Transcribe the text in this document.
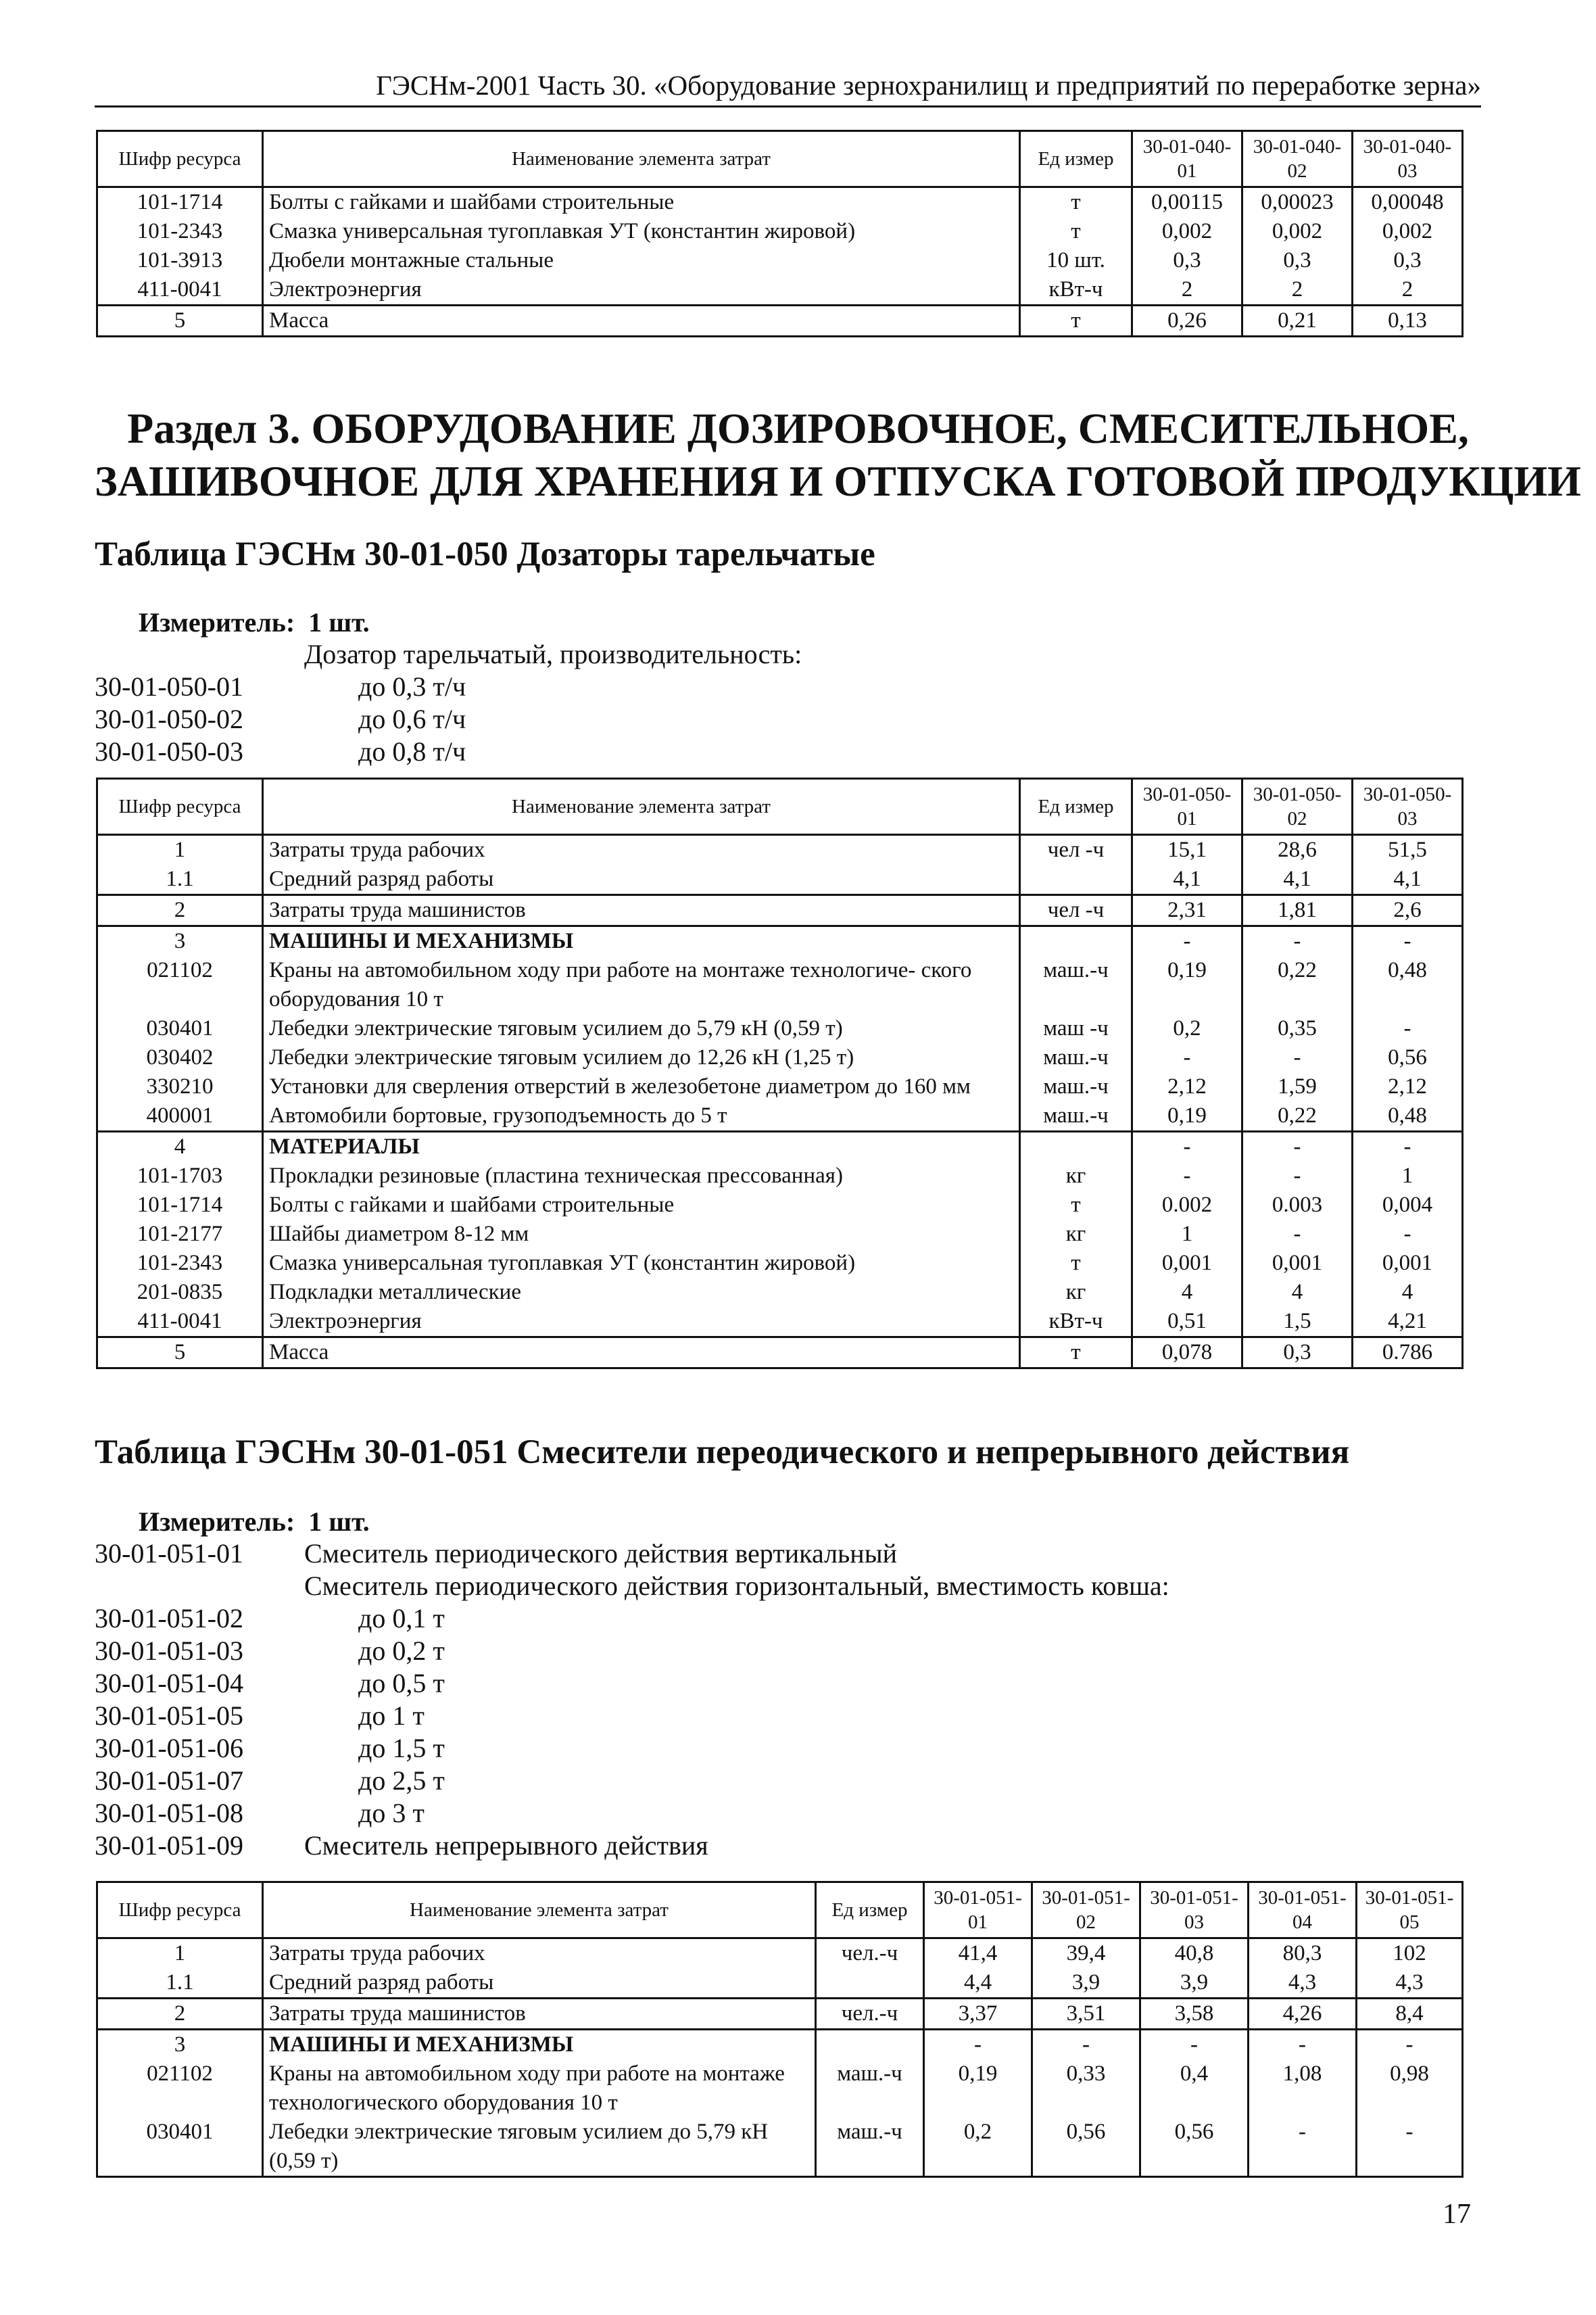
ГЭСНм-2001 Часть 30. «Оборудование зернохранилищ и предприятий по переработке зерна»
Шифр ресурса	Наименование элемента затрат	Ед измер	30-01-040-01	30-01-040-02	30-01-040-03
101-1714	Болты с гайками и шайбами строительные	т	0,00115	0,00023	0,00048
101-2343	Смазка универсальная тугоплавкая УТ (константин жировой)	т	0,002	0,002	0,002
101-3913	Дюбели монтажные стальные	10 шт.	0,3	0,3	0,3
411-0041	Электроэнергия	кВт-ч	2	2	2
5	Масса	т	0,26	0,21	0,13
Раздел 3. ОБОРУДОВАНИЕ ДОЗИРОВОЧНОЕ, СМЕСИТЕЛЬНОЕ,
ЗАШИВОЧНОЕ ДЛЯ ХРАНЕНИЯ И ОТПУСКА ГОТОВОЙ ПРОДУКЦИИ
Таблица ГЭСНм 30-01-050 Дозаторы тарельчатые
Измеритель: 1 шт.
Дозатор тарельчатый, производительность:
30-01-050-01	до 0,3 т/ч
30-01-050-02	до 0,6 т/ч
30-01-050-03	до 0,8 т/ч
Шифр ресурса	Наименование элемента затрат	Ед измер	30-01-050-01	30-01-050-02	30-01-050-03
1	Затраты труда рабочих	чел -ч	15,1	28,6	51,5
1.1	Средний разряд работы		4,1	4,1	4,1
2	Затраты труда машинистов	чел -ч	2,31	1,81	2,6
3	МАШИНЫ И МЕХАНИЗМЫ		-	-	-
021102	Краны на автомобильном ходу при работе на монтаже технологиче- ского оборудования 10 т	маш.-ч	0,19	0,22	0,48
030401	Лебедки электрические тяговым усилием до 5,79 кН (0,59 т)	маш -ч	0,2	0,35	-
030402	Лебедки электрические тяговым усилием до 12,26 кН (1,25 т)	маш.-ч	-	-	0,56
330210	Установки для сверления отверстий в железобетоне диаметром до 160 мм	маш.-ч	2,12	1,59	2,12
400001	Автомобили бортовые, грузоподъемность до 5 т	маш.-ч	0,19	0,22	0,48
4	МАТЕРИАЛЫ		-	-	-
101-1703	Прокладки резиновые (пластина техническая прессованная)	кг	-	-	1
101-1714	Болты с гайками и шайбами строительные	т	0.002	0.003	0,004
101-2177	Шайбы диаметром 8-12 мм	кг	1	-	-
101-2343	Смазка универсальная тугоплавкая УТ (константин жировой)	т	0,001	0,001	0,001
201-0835	Подкладки металлические	кг	4	4	4
411-0041	Электроэнергия	кВт-ч	0,51	1,5	4,21
5	Масса	т	0,078	0,3	0.786
Таблица ГЭСНм 30-01-051 Смесители переодического и непрерывного действия
Измеритель: 1 шт.
30-01-051-01 Смеситель периодического действия вертикальный
Смеситель периодического действия горизонтальный, вместимость ковша:
30-01-051-02	до 0,1 т
30-01-051-03	до 0,2 т
30-01-051-04	до 0,5 т
30-01-051-05	до 1 т
30-01-051-06	до 1,5 т
30-01-051-07	до 2,5 т
30-01-051-08	до 3 т
30-01-051-09 Смеситель непрерывного действия
Шифр ресурса	Наименование элемента затрат	Ед измер	30-01-051-01	30-01-051-02	30-01-051-03	30-01-051-04	30-01-051-05
1	Затраты труда рабочих	чел.-ч	41,4	39,4	40,8	80,3	102
1.1	Средний разряд работы		4,4	3,9	3,9	4,3	4,3
2	Затраты труда машинистов	чел.-ч	3,37	3,51	3,58	4,26	8,4
3	МАШИНЫ И МЕХАНИЗМЫ		-	-	-	-	-
021102	Краны на автомобильном ходу при работе на монтаже технологического оборудования 10 т	маш.-ч	0,19	0,33	0,4	1,08	0,98
030401	Лебедки электрические тяговым усилием до 5,79 кН (0,59 т)	маш.-ч	0,2	0,56	0,56	-	-
17
